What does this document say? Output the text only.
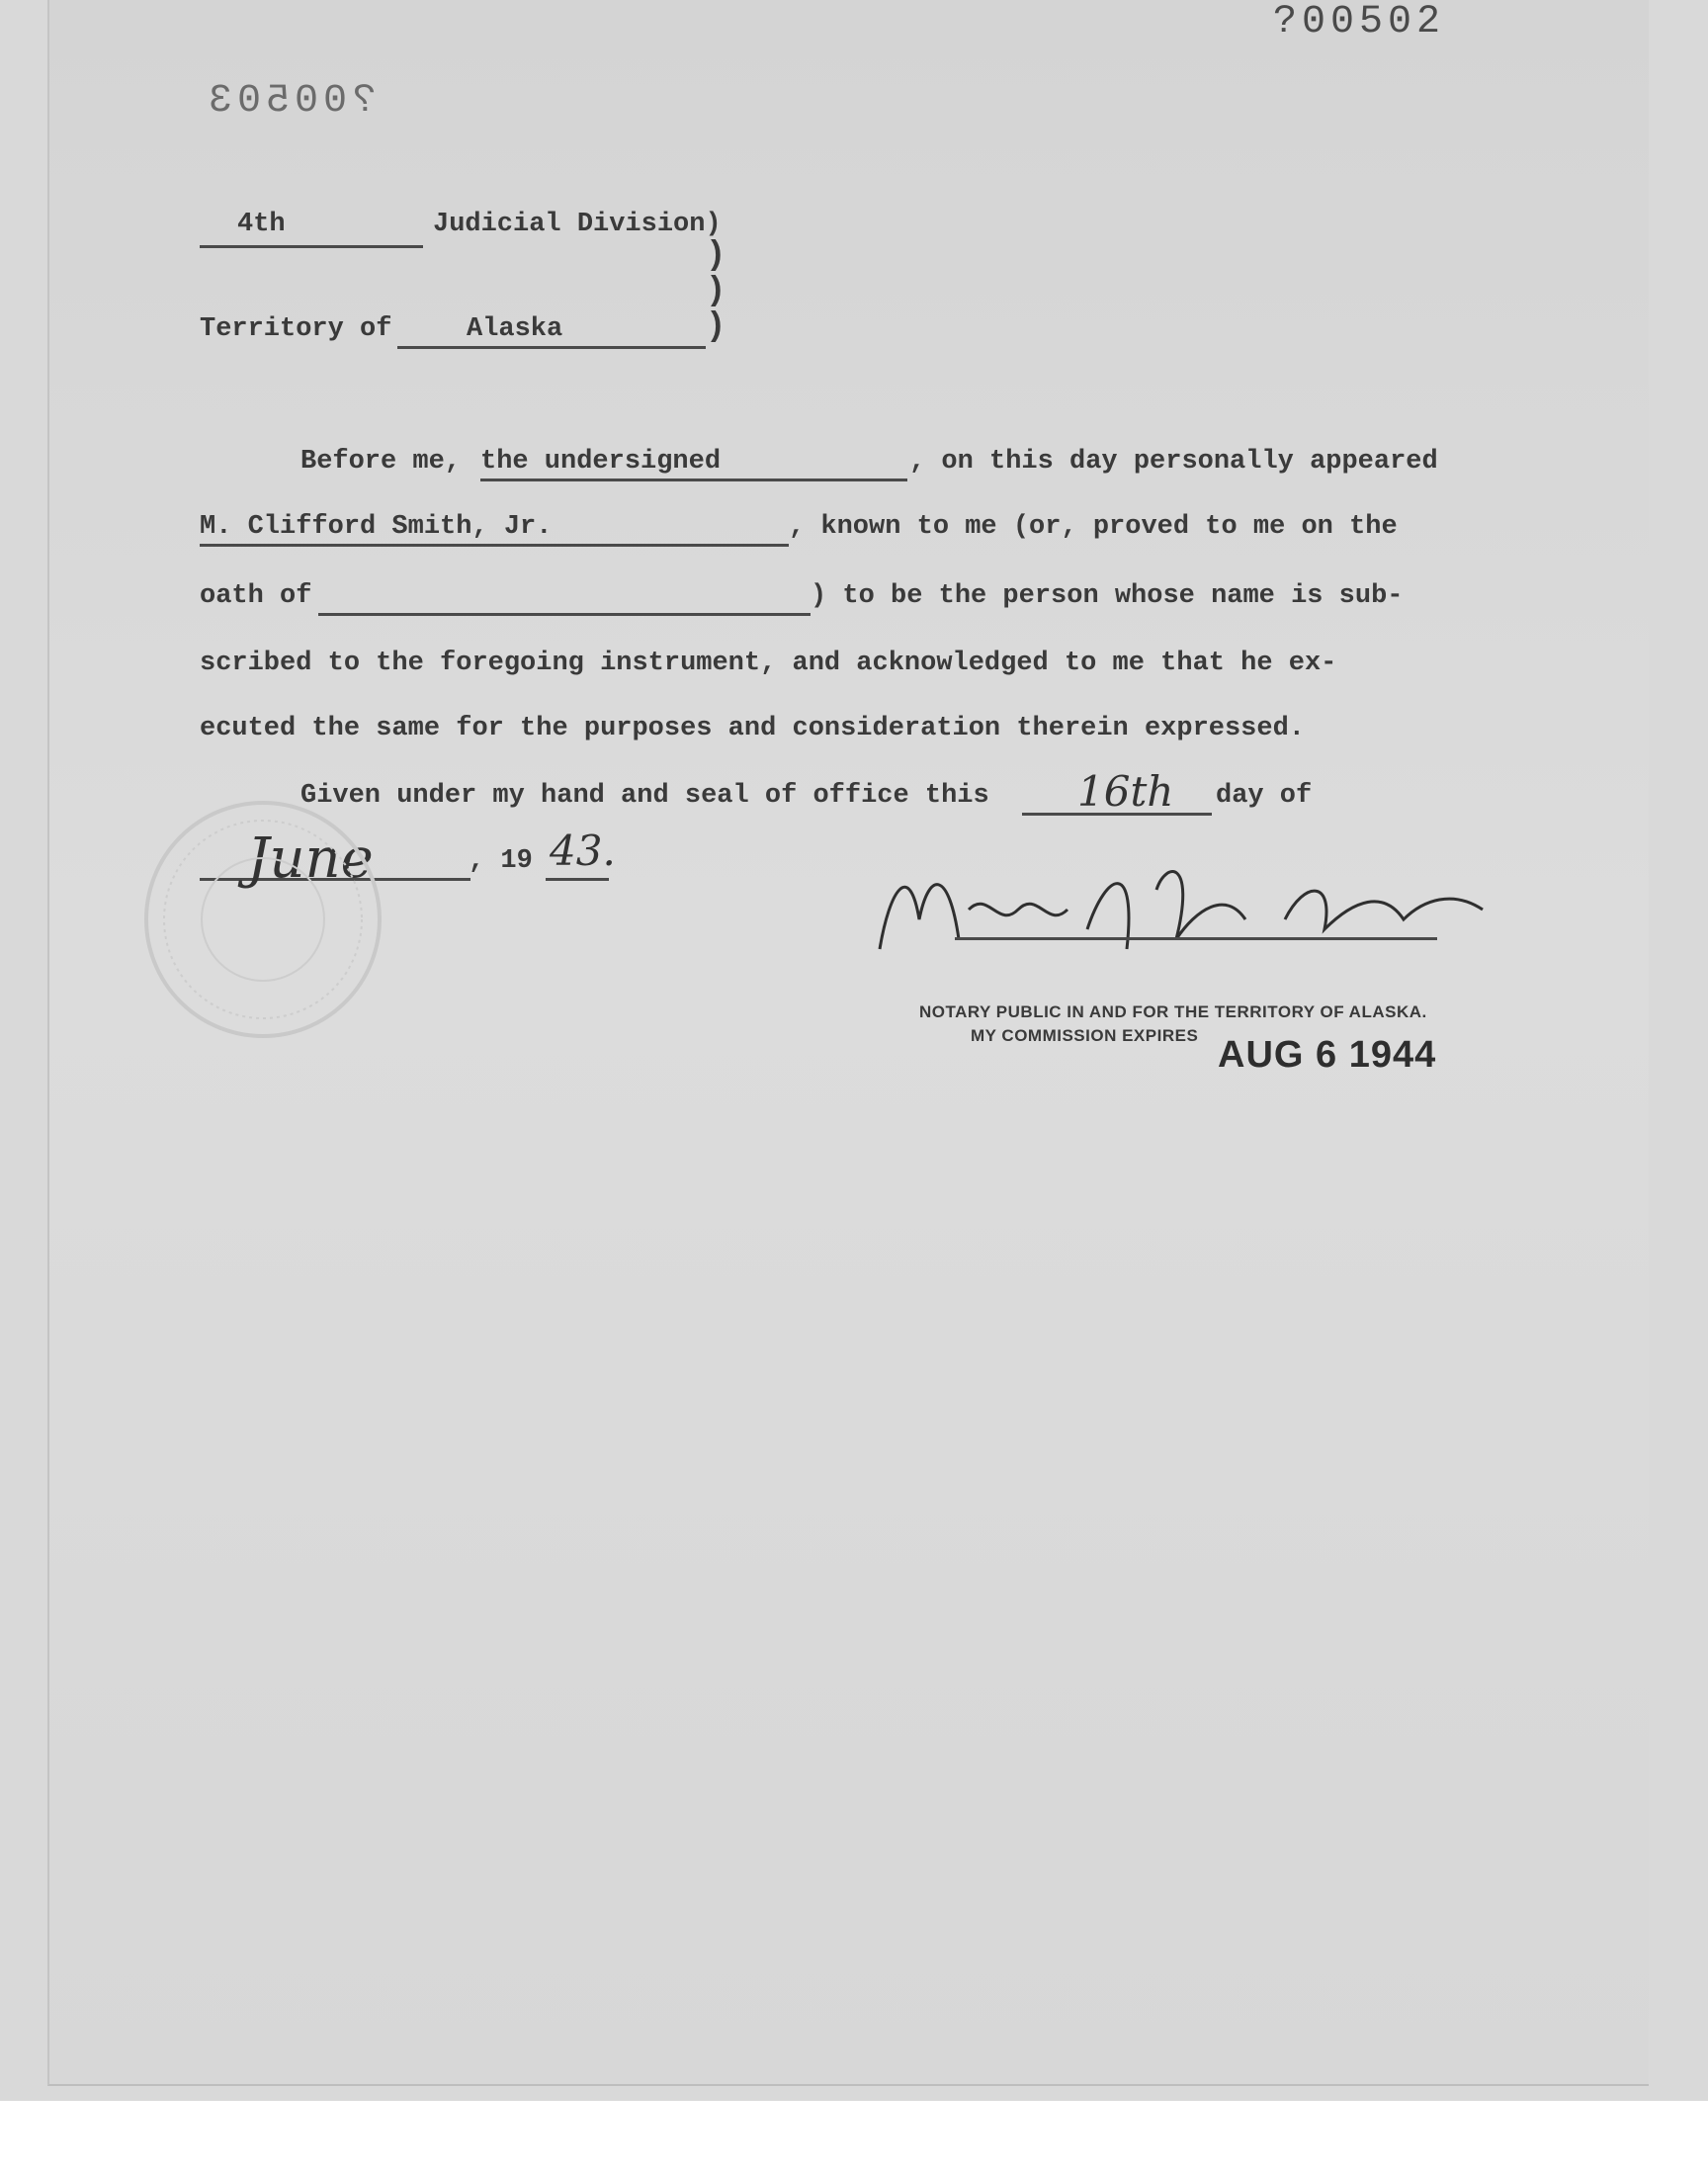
?00502
?00503
4th	Judicial Division)
)
)
Territory of	Alaska	)
Before me, the undersigned	, on this day personally appeared
M. Clifford Smith, Jr.	, known to me (or, proved to me on the
oath of	) to be the person whose name is sub-
scribed to the foregoing instrument, and acknowledged to me that he ex-
ecuted the same for the purposes and consideration therein expressed.
Given under my hand and seal of office this 16th day of
June	, 19 43.
NOTARY PUBLIC IN AND FOR THE TERRITORY OF ALASKA.
MY COMMISSION EXPIRES AUG 6 1944
